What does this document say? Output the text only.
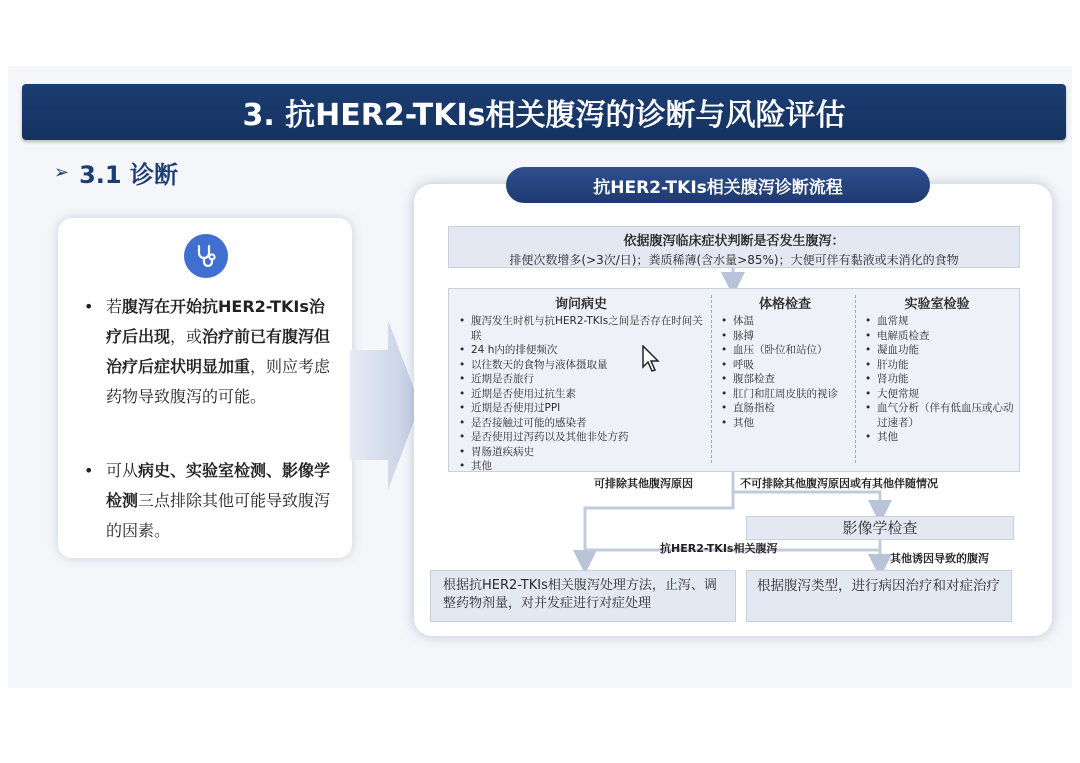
3. 抗HER2-TKIs相关腹泻的诊断与风险评估
➢ 3.1 诊断
• 若腹泻在开始抗HER2-TKIs治疗后出现，或治疗前已有腹泻但治疗后症状明显加重，则应考虑药物导致腹泻的可能。
• 可从病史、实验室检测、影像学检测三点排除其他可能导致腹泻的因素。
抗HER2-TKIs相关腹泻诊断流程
依据腹泻临床症状判断是否发生腹泻：
排便次数增多(>3次/日)；粪质稀薄(含水量>85%)；大便可伴有黏液或未消化的食物
询问病史
• 腹泻发生时机与抗HER2-TKIs之间是否存在时间关联
• 24 h内的排便频次
• 以往数天的食物与液体摄取量
• 近期是否旅行
• 近期是否使用过抗生素
• 近期是否使用过PPI
• 是否接触过可能的感染者
• 是否使用过泻药以及其他非处方药
• 胃肠道疾病史
• 其他
体格检查
• 体温
• 脉搏
• 血压（卧位和站位）
• 呼吸
• 腹部检查
• 肛门和肛周皮肤的视诊
• 直肠指检
• 其他
实验室检验
• 血常规
• 电解质检查
• 凝血功能
• 肝功能
• 肾功能
• 大便常规
• 血气分析（伴有低血压或心动过速者）
• 其他
可排除其他腹泻原因	不可排除其他腹泻原因或有其他伴随情况
影像学检查
抗HER2-TKIs相关腹泻
其他诱因导致的腹泻
根据抗HER2-TKIs相关腹泻处理方法，止泻、调整药物剂量，对并发症进行对症处理
根据腹泻类型，进行病因治疗和对症治疗
